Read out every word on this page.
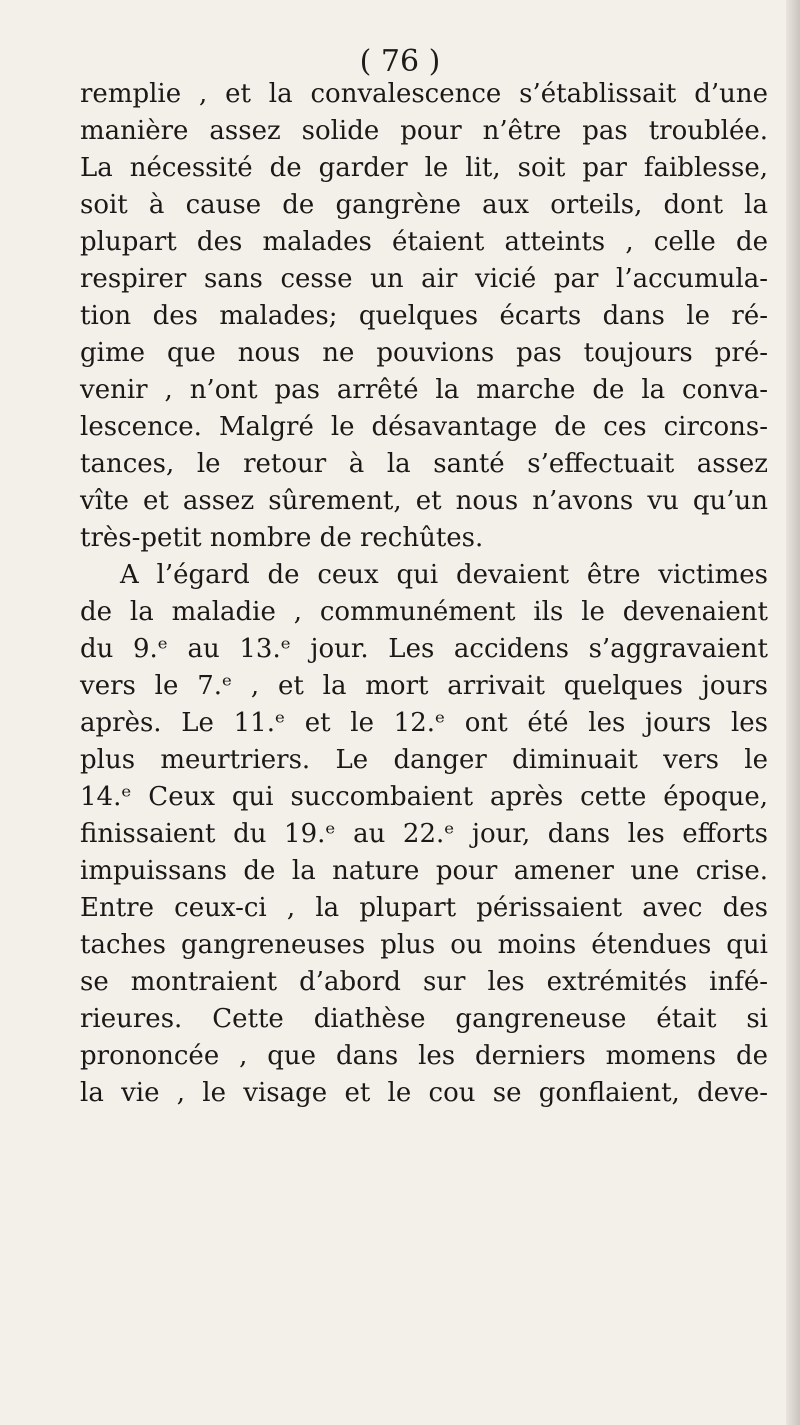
( 76 )

remplie , et la convalescence s’établissait d’une
manière assez solide pour n’être pas troublée.
La nécessité de garder le lit, soit par faiblesse,
soit à cause de gangrène aux orteils, dont la
plupart des malades étaient atteints , celle de
respirer sans cesse un air vicié par l’accumula-
tion des malades; quelques écarts dans le ré-
gime que nous ne pouvions pas toujours pré-
venir , n’ont pas arrêté la marche de la conva-
lescence. Malgré le désavantage de ces circons-
tances, le retour à la santé s’effectuait assez
vîte et assez sûrement, et nous n’avons vu qu’un
très-petit nombre de rechûtes.
A l’égard de ceux qui devaient être victimes
de la maladie , communément ils le devenaient
du 9.ᵉ au 13.ᵉ jour. Les accidens s’aggravaient
vers le 7.ᵉ , et la mort arrivait quelques jours
après. Le 11.ᵉ et le 12.ᵉ ont été les jours les
plus meurtriers. Le danger diminuait vers le
14.ᵉ Ceux qui succombaient après cette époque,
finissaient du 19.ᵉ au 22.ᵉ jour, dans les efforts
impuissans de la nature pour amener une crise.
Entre ceux-ci , la plupart périssaient avec des
taches gangreneuses plus ou moins étendues qui
se montraient d’abord sur les extrémités infé-
rieures. Cette diathèse gangreneuse était si
prononcée , que dans les derniers momens de
la vie , le visage et le cou se gonflaient, deve-
